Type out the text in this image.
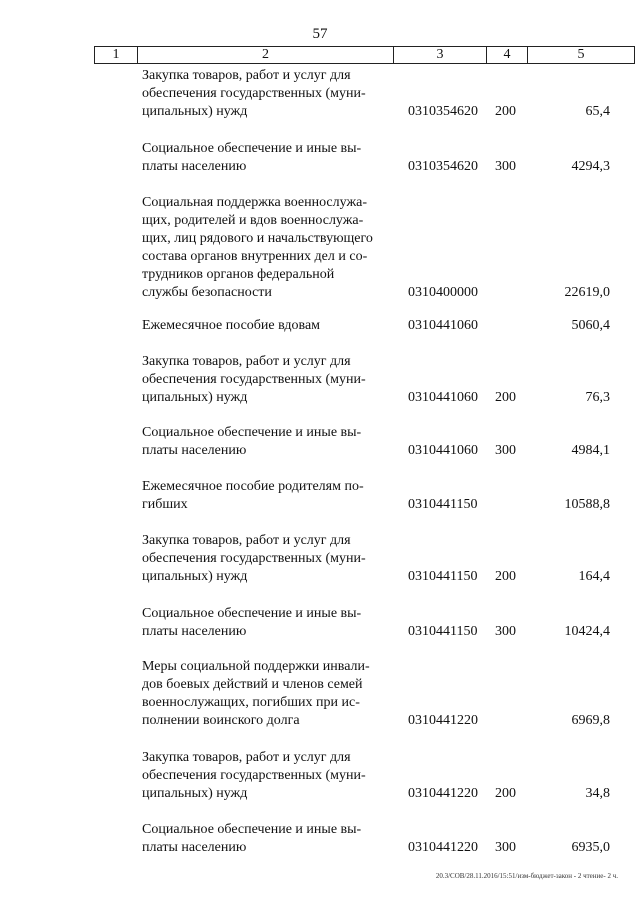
57
1	2	3	4	5
Закупка товаров, работ и услуг для
обеспечения государственных (муни-
ципальных) нужд	0310354620 200	65,4
Социальное обеспечение и иные вы-
платы населению	0310354620 300	4294,3
Социальная поддержка военнослужа-
щих, родителей и вдов военнослужа-
щих, лиц рядового и начальствующего
состава органов внутренних дел и со-
трудников органов федеральной
службы безопасности	0310400000	22619,0
Ежемесячное пособие вдовам	0310441060	5060,4
Закупка товаров, работ и услуг для
обеспечения государственных (муни-
ципальных) нужд	0310441060 200	76,3
Социальное обеспечение и иные вы-
платы населению	0310441060 300	4984,1
Ежемесячное пособие родителям по-
гибших	0310441150	10588,8
Закупка товаров, работ и услуг для
обеспечения государственных (муни-
ципальных) нужд	0310441150 200	164,4
Социальное обеспечение и иные вы-
платы населению	0310441150 300	10424,4
Меры социальной поддержки инвали-
дов боевых действий и членов семей
военнослужащих, погибших при ис-
полнении воинского долга	0310441220	6969,8
Закупка товаров, работ и услуг для
обеспечения государственных (муни-
ципальных) нужд	0310441220 200	34,8
Социальное обеспечение и иные вы-
платы населению	0310441220 300	6935,0
20.3/СОВ/28.11.2016/15:51/изм-бюджет-закон - 2 чтение- 2 ч.
